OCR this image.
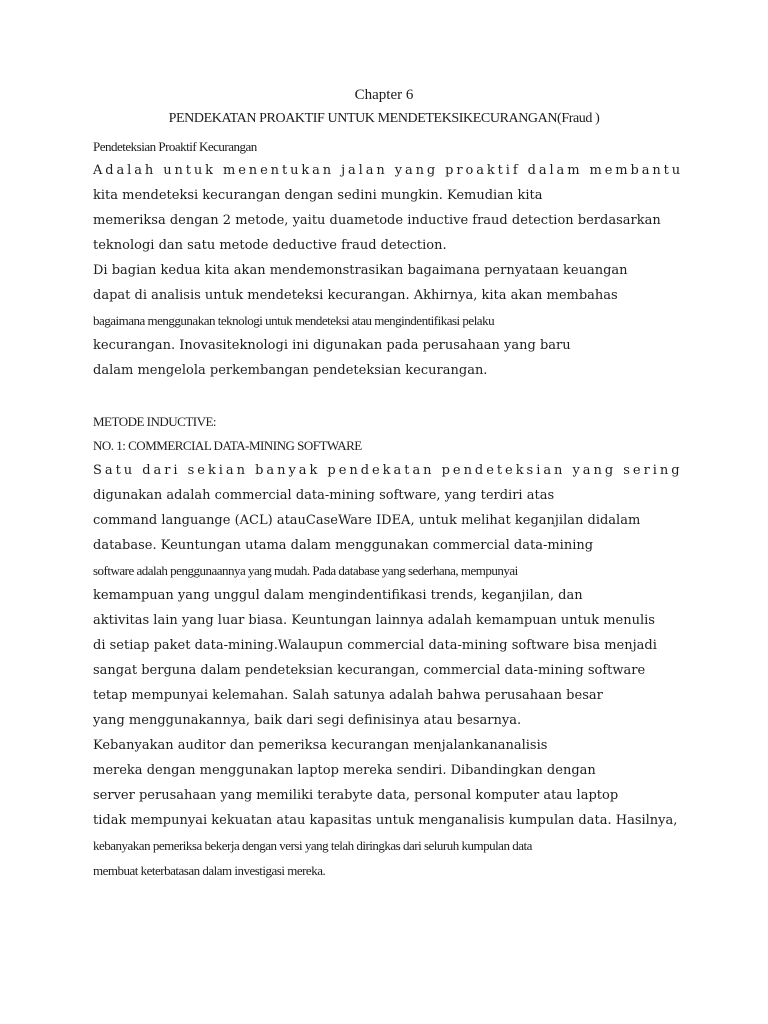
Chapter 6
PENDEKATAN PROAKTIF UNTUK MENDETEKSIKECURANGAN(Fraud )

Pendeteksian Proaktif Kecurangan

Adalah untuk menentukan jalan yang proaktif dalam membantu

kita mendeteksi kecurangan dengan sedini mungkin. Kemudian kita

memeriksa dengan 2 metode, yaitu duametode inductive fraud detection berdasarkan

teknologi dan satu metode deductive fraud detection.

Di bagian kedua kita akan mendemonstrasikan bagaimana pernyataan keuangan

dapat di analisis untuk mendeteksi kecurangan. Akhirnya, kita akan membahas

bagaimana menggunakan teknologi untuk mendeteksi atau mengindentifikasi pelaku

kecurangan. Inovasiteknologi ini digunakan pada perusahaan yang baru

dalam mengelola perkembangan pendeteksian kecurangan.

METODE INDUCTIVE:

NO. 1: COMMERCIAL DATA-MINING SOFTWARE

Satu dari sekian banyak pendekatan pendeteksian yang sering

digunakan adalah commercial data-mining software, yang terdiri atas

command languange (ACL) atauCaseWare IDEA, untuk melihat keganjilan didalam

database. Keuntungan utama dalam menggunakan commercial data-mining

software adalah penggunaannya yang mudah. Pada database yang sederhana, mempunyai

kemampuan yang unggul dalam mengindentifikasi trends, keganjilan, dan

aktivitas lain yang luar biasa. Keuntungan lainnya adalah kemampuan untuk menulis

di setiap paket data-mining.Walaupun commercial data-mining software bisa menjadi

sangat berguna dalam pendeteksian kecurangan, commercial data-mining software

tetap mempunyai kelemahan. Salah satunya adalah bahwa perusahaan besar

yang menggunakannya, baik dari segi definisinya atau besarnya.

Kebanyakan auditor dan pemeriksa kecurangan menjalankananalisis

mereka dengan menggunakan laptop mereka sendiri. Dibandingkan dengan

server perusahaan yang memiliki terabyte data, personal komputer atau laptop

tidak mempunyai kekuatan atau kapasitas untuk menganalisis kumpulan data. Hasilnya,

kebanyakan pemeriksa bekerja dengan versi yang telah diringkas dari seluruh kumpulan data

membuat keterbatasan dalam investigasi mereka.
